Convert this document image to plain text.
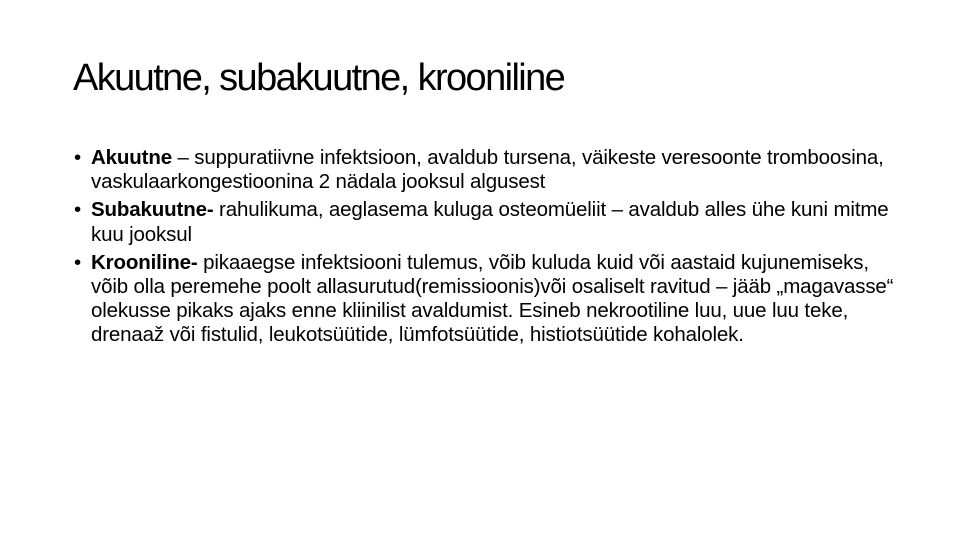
Akuutne, subakuutne, krooniline
• Akuutne – suppuratiivne infektsioon, avaldub tursena, väikeste veresoonte tromboosina, vaskulaarkongestioonina 2 nädala jooksul algusest
• Subakuutne- rahulikuma, aeglasema kuluga osteomüeliit – avaldub alles ühe kuni mitme kuu jooksul
• Krooniline- pikaaegse infektsiooni tulemus, võib kuluda kuid või aastaid kujunemiseks, võib olla peremehe poolt allasurutud(remissioonis)või osaliselt ravitud – jääb „magavasse“ olekusse pikaks ajaks enne kliinilist avaldumist. Esineb nekrootiline luu, uue luu teke, drenaaž või fistulid, leukotsüütide, lümfotsüütide, histiotsüütide kohalolek.
